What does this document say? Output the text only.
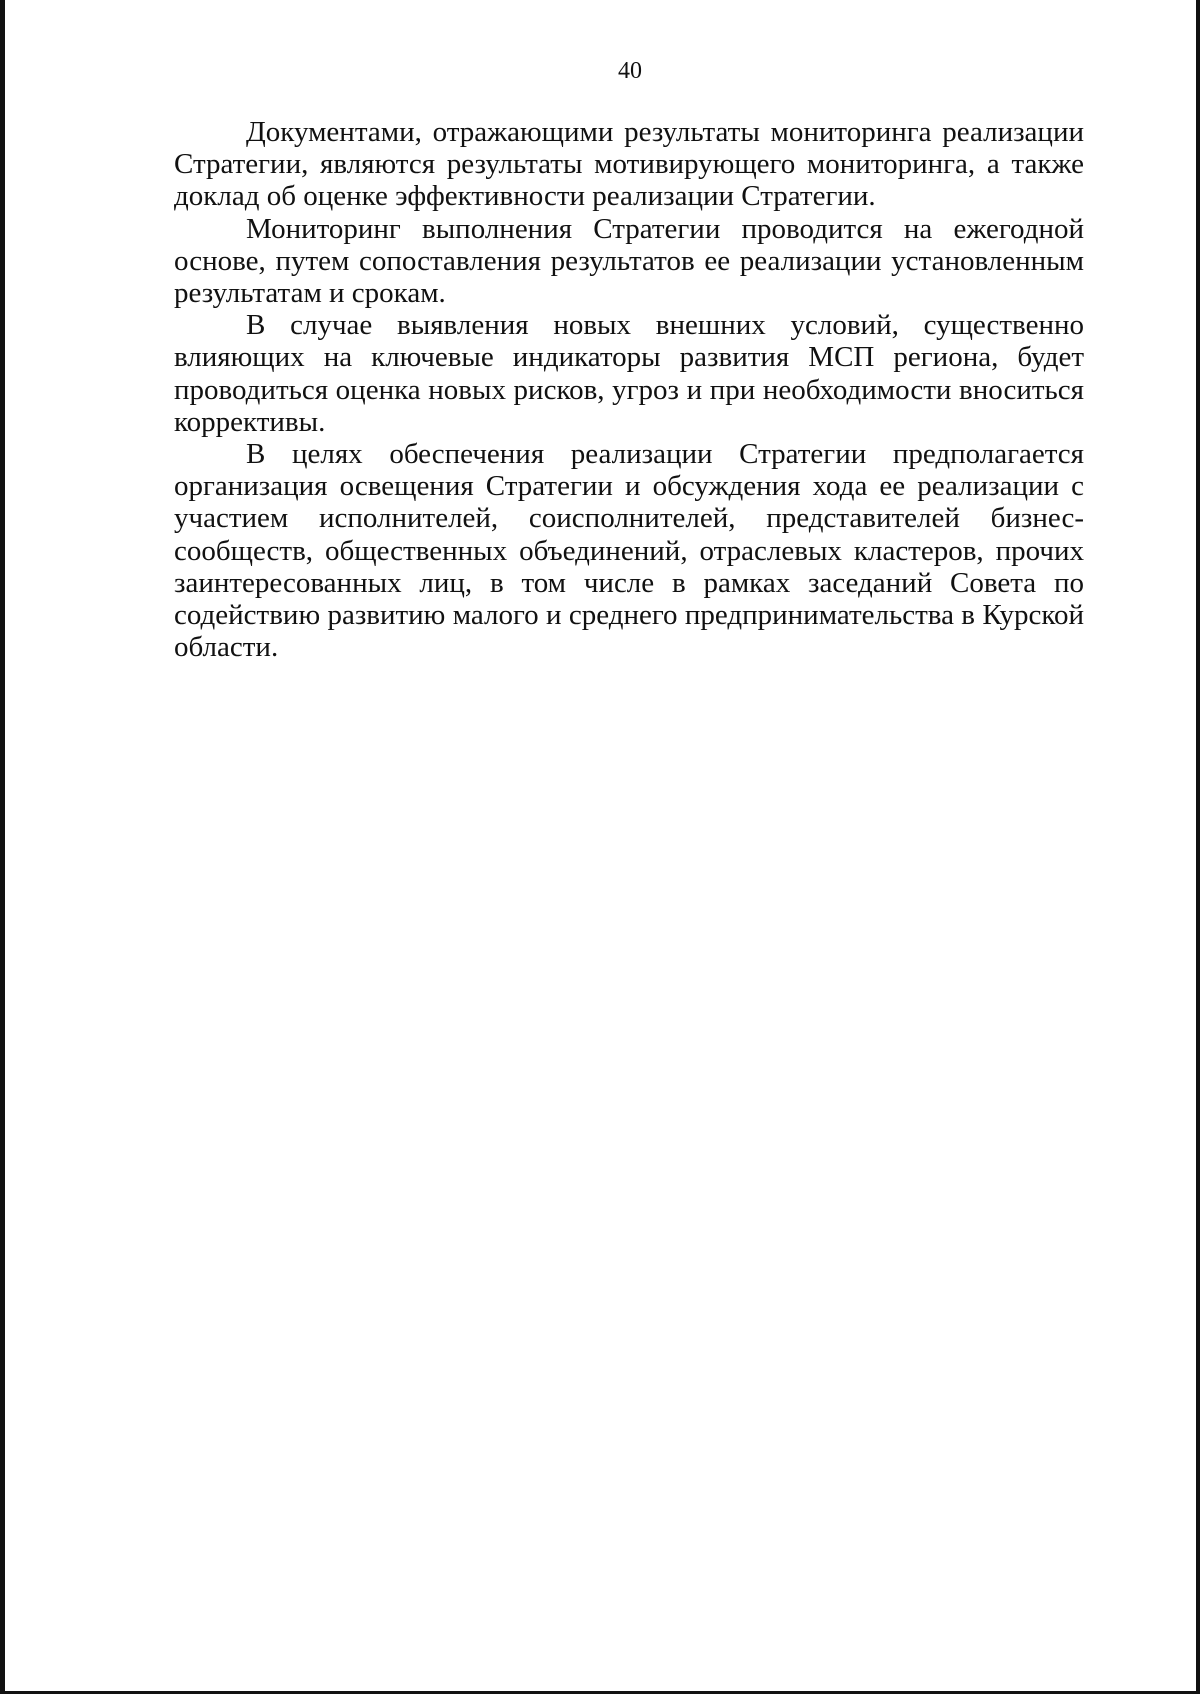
40

Документами, отражающими результаты мониторинга реализации Стратегии, являются результаты мотивирующего мониторинга, а также доклад об оценке эффективности реализации Стратегии.

Мониторинг выполнения Стратегии проводится на ежегодной основе, путем сопоставления результатов ее реализации установленным результатам и срокам.

В случае выявления новых внешних условий, существенно влияющих на ключевые индикаторы развития МСП региона, будет проводиться оценка новых рисков, угроз и при необходимости вноситься коррективы.

В целях обеспечения реализации Стратегии предполагается организация освещения Стратегии и обсуждения хода ее реализации с участием исполнителей, соисполнителей, представителей бизнес-сообществ, общественных объединений, отраслевых кластеров, прочих заинтересованных лиц, в том числе в рамках заседаний Совета по содействию развитию малого и среднего предпринимательства в Курской области.
